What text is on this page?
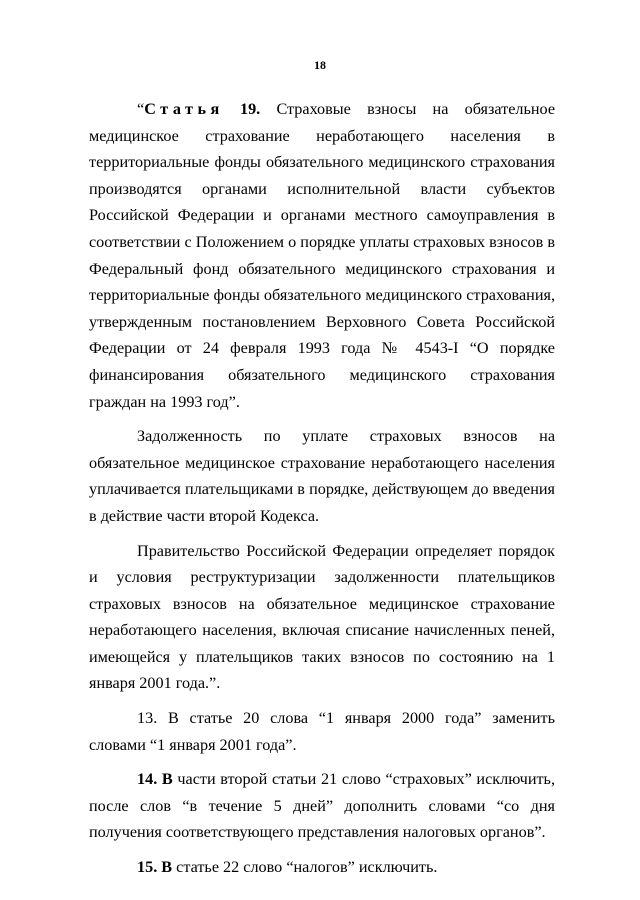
18

“Статья 19. Страховые взносы на обязательное медицинское страхование неработающего населения в территориальные фонды обязательного медицинского страхования производятся органами исполнительной власти субъектов Российской Федерации и органами местного самоуправления в соответствии с Положением о порядке уплаты страховых взносов в Федеральный фонд обязательного медицинского страхования и территориальные фонды обязательного медицинского страхования, утвержденным постановлением Верховного Совета Российской Федерации от 24 февраля 1993 года № 4543-I “О порядке финансирования обязательного медицинского страхования граждан на 1993 год”.

Задолженность по уплате страховых взносов на обязательное медицинское страхование неработающего населения уплачивается плательщиками в порядке, действующем до введения в действие части второй Кодекса.

Правительство Российской Федерации определяет порядок и условия реструктуризации задолженности плательщиков страховых взносов на обязательное медицинское страхование неработающего населения, включая списание начисленных пеней, имеющейся у плательщиков таких взносов по состоянию на 1 января 2001 года.”.

13. В статье 20 слова “1 января 2000 года” заменить словами “1 января 2001 года”.

14. В части второй статьи 21 слово “страховых” исключить, после слов “в течение 5 дней” дополнить словами “со дня получения соответствующего представления налоговых органов”.

15. В статье 22 слово “налогов” исключить.
